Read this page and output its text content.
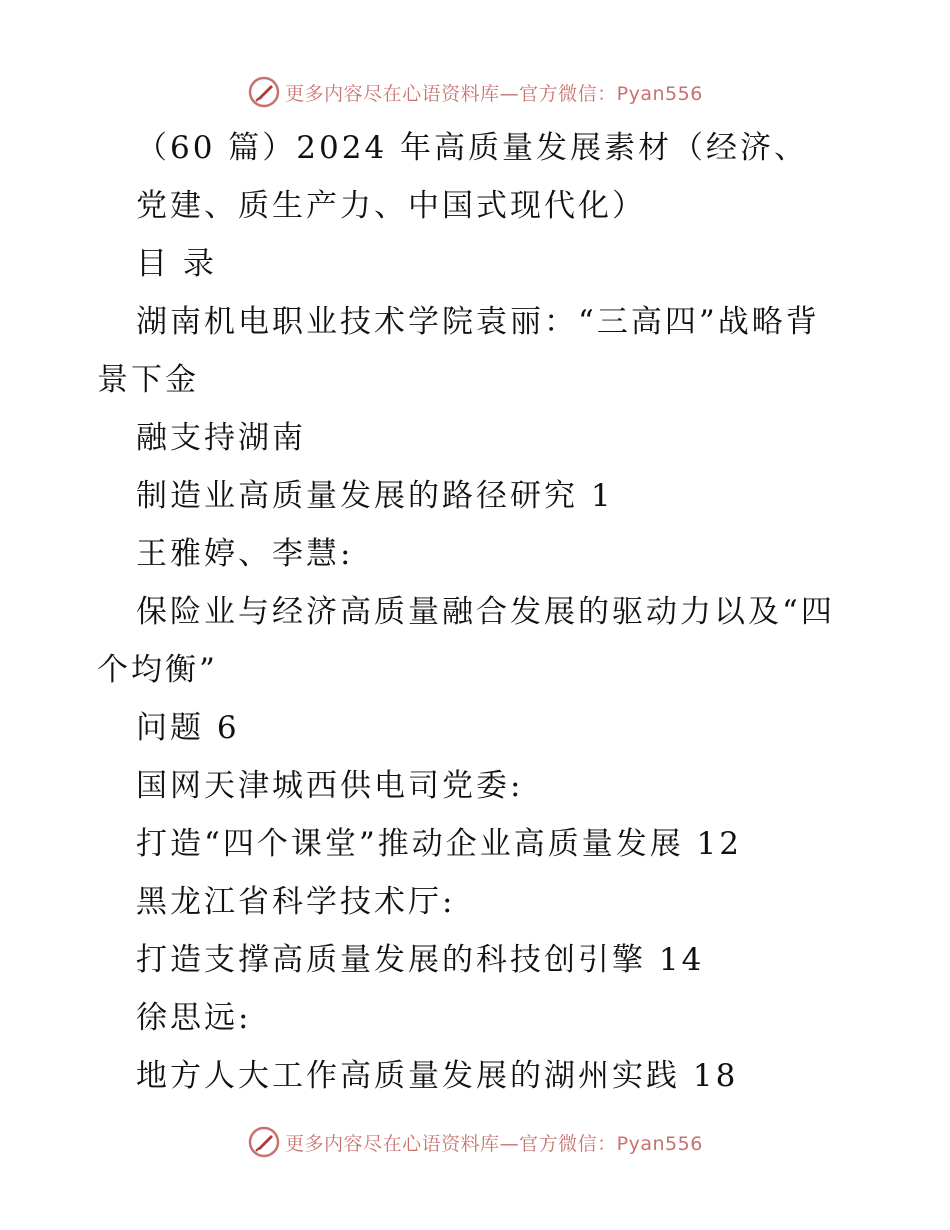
更多内容尽在心语资料库—官方微信：Pyan556
（60 篇）2024 年高质量发展素材（经济、
党建、质生产力、中国式现代化）
目 录
湖南机电职业技术学院袁丽：“三高四”战略背
景下金
融支持湖南
制造业高质量发展的路径研究 1
王雅婷、李慧:
保险业与经济高质量融合发展的驱动力以及“四
个均衡”
问题 6
国网天津城西供电司党委:
打造“四个课堂”推动企业高质量发展 12
黑龙江省科学技术厅:
打造支撑高质量发展的科技创引擎 14
徐思远:
地方人大工作高质量发展的湖州实践 18
更多内容尽在心语资料库—官方微信：Pyan556
